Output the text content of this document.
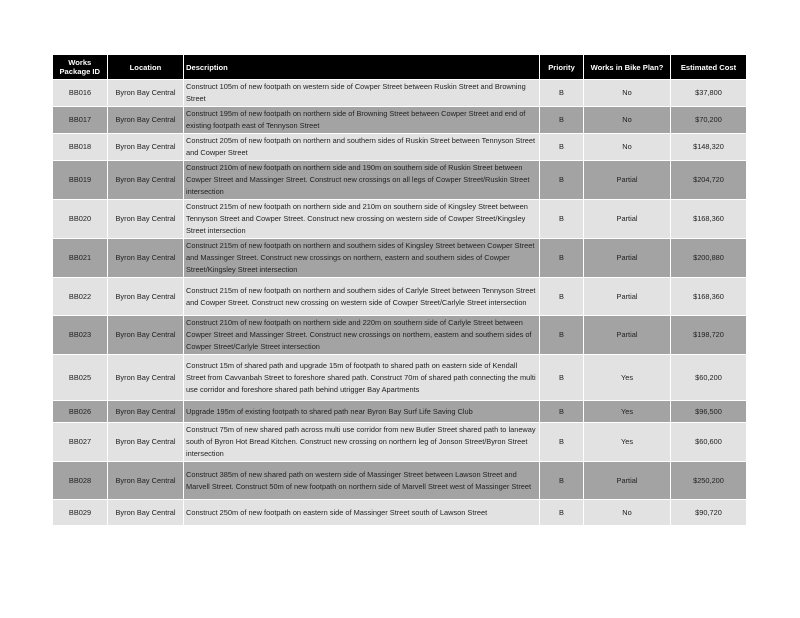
Works Package ID	Location	Description	Priority	Works in Bike Plan?	Estimated Cost
BB016	Byron Bay Central	Construct 105m of new footpath on western side of Cowper Street between Ruskin Street and Browning Street	B	No	$37,800
BB017	Byron Bay Central	Construct 195m of new footpath on northern side of Browning Street between Cowper Street and end of existing footpath east of Tennyson Street	B	No	$70,200
BB018	Byron Bay Central	Construct 205m of new footpath on northern and southern sides of Ruskin Street between Tennyson Street and Cowper Street	B	No	$148,320
BB019	Byron Bay Central	Construct 210m of new footpath on northern side and 190m on southern side of Ruskin Street between Cowper Street and Massinger Street. Construct new crossings on all legs of Cowper Street/Ruskin Street intersection	B	Partial	$204,720
BB020	Byron Bay Central	Construct 215m of new footpath on northern side and 210m on southern side of Kingsley Street between Tennyson Street and Cowper Street. Construct new crossing on western side of Cowper Street/Kingsley Street intersection	B	Partial	$168,360
BB021	Byron Bay Central	Construct 215m of new footpath on northern and southern sides of Kingsley Street between Cowper Street and Massinger Street. Construct new crossings on northern, eastern and southern sides of Cowper Street/Kingsley Street intersection	B	Partial	$200,880
BB022	Byron Bay Central	Construct 215m of new footpath on northern and southern sides of Carlyle Street between Tennyson Street and Cowper Street. Construct new crossing on western side of Cowper Street/Carlyle Street intersection	B	Partial	$168,360
BB023	Byron Bay Central	Construct 210m of new footpath on northern side and 220m on southern side of Carlyle Street between Cowper Street and Massinger Street. Construct new crossings on northern, eastern and southern sides of Cowper Street/Carlyle Street intersection	B	Partial	$198,720
BB025	Byron Bay Central	Construct 15m of shared path and upgrade 15m of footpath to shared path on eastern side of Kendall Street from Cavvanbah Street to foreshore shared path. Construct 70m of shared path connecting the multi use corridor and foreshore shared path behind utrigger Bay Apartments	B	Yes	$60,200
BB026	Byron Bay Central	Upgrade 195m of existing footpath to shared path near Byron Bay Surf Life Saving Club	B	Yes	$96,500
BB027	Byron Bay Central	Construct 75m of new shared path across multi use corridor from new Butler Street shared path to laneway south of Byron Hot Bread Kitchen. Construct new crossing on northern leg of Jonson Street/Byron Street intersection	B	Yes	$60,600
BB028	Byron Bay Central	Construct 385m of new shared path on western side of Massinger Street between Lawson Street and Marvell Street. Construct 50m of new footpath on northern side of Marvell Street west of Massinger Street	B	Partial	$250,200
BB029	Byron Bay Central	Construct 250m of new footpath on eastern side of Massinger Street south of Lawson Street	B	No	$90,720
